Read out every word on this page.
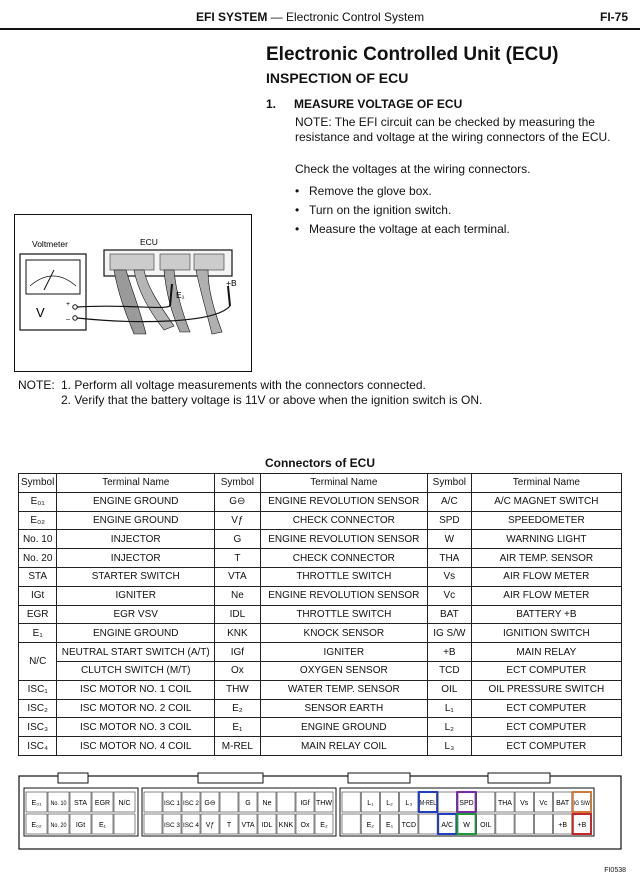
EFI SYSTEM — Electronic Control System	FI-75
Electronic Controlled Unit (ECU)
INSPECTION OF ECU
1. MEASURE VOLTAGE OF ECU
NOTE: The EFI circuit can be checked by measuring the resistance and voltage at the wiring connectors of the ECU.
Check the voltages at the wiring connectors.
• Remove the glove box.
• Turn on the ignition switch.
• Measure the voltage at each terminal.
Voltmeter
V
+
–
ECU
E₁
+B
NOTE: 1. Perform all voltage measurements with the connectors connected.
2. Verify that the battery voltage is 11V or above when the ignition switch is ON.
Connectors of ECU
Symbol	Terminal Name	Symbol	Terminal Name	Symbol	Terminal Name
E₀₁	ENGINE GROUND	G⊖	ENGINE REVOLUTION SENSOR	A/C	A/C MAGNET SWITCH
E₀₂	ENGINE GROUND	Vƒ	CHECK CONNECTOR	SPD	SPEEDOMETER
No. 10	INJECTOR	G	ENGINE REVOLUTION SENSOR	W	WARNING LIGHT
No. 20	INJECTOR	T	CHECK CONNECTOR	THA	AIR TEMP. SENSOR
STA	STARTER SWITCH	VTA	THROTTLE SWITCH	Vs	AIR FLOW METER
IGt	IGNITER	Ne	ENGINE REVOLUTION SENSOR	Vc	AIR FLOW METER
EGR	EGR VSV	IDL	THROTTLE SWITCH	BAT	BATTERY +B
E₁	ENGINE GROUND	KNK	KNOCK SENSOR	IG S/W	IGNITION SWITCH
N/C	NEUTRAL START SWITCH (A/T)	IGf	IGNITER	+B	MAIN RELAY
	CLUTCH SWITCH (M/T)	Ox	OXYGEN SENSOR	TCD	ECT COMPUTER
ISC₁	ISC MOTOR NO. 1 COIL	THW	WATER TEMP. SENSOR	OIL	OIL PRESSURE SWITCH
ISC₂	ISC MOTOR NO. 2 COIL	E₂	SENSOR EARTH	L₁	ECT COMPUTER
ISC₃	ISC MOTOR NO. 3 COIL	E₁	ENGINE GROUND	L₂	ECT COMPUTER
ISC₄	ISC MOTOR NO. 4 COIL	M-REL	MAIN RELAY COIL	L₃	ECT COMPUTER
E₀₁ No. 10 STA EGR N/C	ISC 1 ISC 2 G⊖	G Ne	IGf THW	L₁ L₂ L₃ M-REL	SPD	THA Vs Vc BAT IG S/W
E₀₂ No. 20 IGt E₁	ISC 3 ISC 4 Vƒ T VTA IDL KNK Ox E₂	E₂ E₁ TCD	A/C W OIL	+B +B
FI0538
